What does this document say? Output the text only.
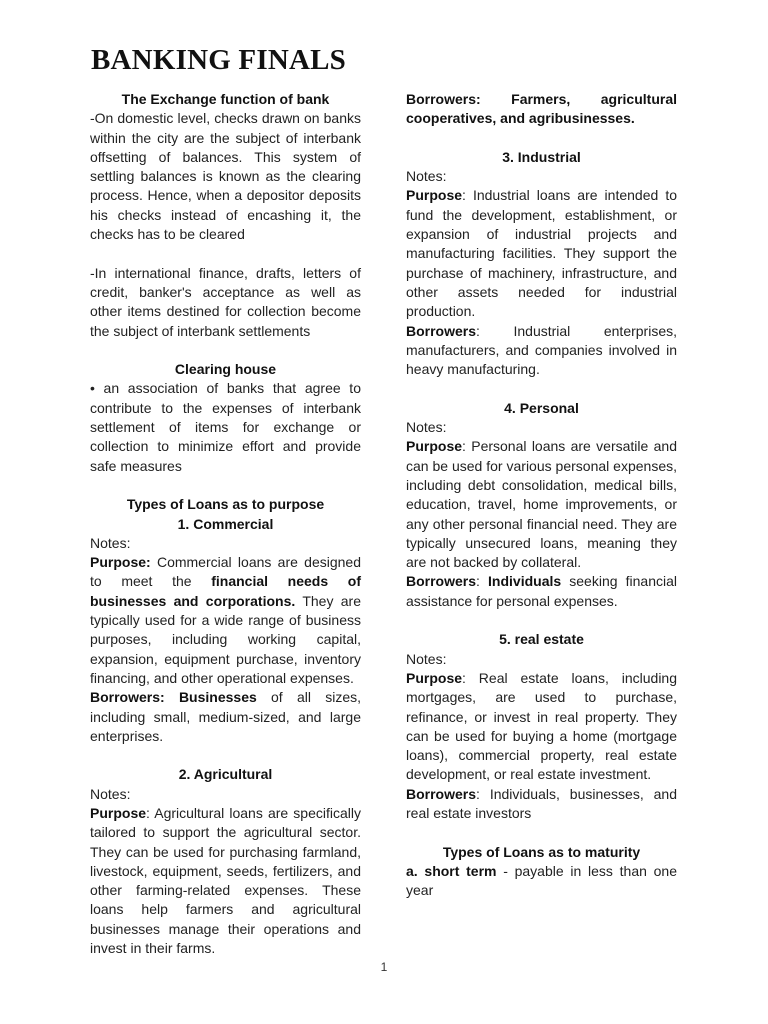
BANKING FINALS

The Exchange function of bank

-On domestic level, checks drawn on banks within the city are the subject of interbank offsetting of balances. This system of settling balances is known as the clearing process. Hence, when a depositor deposits his checks instead of encashing it, the checks has to be cleared

-In international finance, drafts, letters of credit, banker's acceptance as well as other items destined for collection become the subject of interbank settlements

Clearing house

• an association of banks that agree to contribute to the expenses of interbank settlement of items for exchange or collection to minimize effort and provide safe measures

Types of Loans as to purpose

1. Commercial

Notes:

Purpose: Commercial loans are designed to meet the financial needs of businesses and corporations. They are typically used for a wide range of business purposes, including working capital, expansion, equipment purchase, inventory financing, and other operational expenses.

Borrowers: Businesses of all sizes, including small, medium-sized, and large enterprises.

2. Agricultural

Notes:

Purpose: Agricultural loans are specifically tailored to support the agricultural sector. They can be used for purchasing farmland, livestock, equipment, seeds, fertilizers, and other farming-related expenses. These loans help farmers and agricultural businesses manage their operations and invest in their farms.

Borrowers: Farmers, agricultural cooperatives, and agribusinesses.

3. Industrial

Notes:

Purpose: Industrial loans are intended to fund the development, establishment, or expansion of industrial projects and manufacturing facilities. They support the purchase of machinery, infrastructure, and other assets needed for industrial production.

Borrowers: Industrial enterprises, manufacturers, and companies involved in heavy manufacturing.

4. Personal

Notes:

Purpose: Personal loans are versatile and can be used for various personal expenses, including debt consolidation, medical bills, education, travel, home improvements, or any other personal financial need. They are typically unsecured loans, meaning they are not backed by collateral.

Borrowers: Individuals seeking financial assistance for personal expenses.

5. real estate

Notes:

Purpose: Real estate loans, including mortgages, are used to purchase, refinance, or invest in real property. They can be used for buying a home (mortgage loans), commercial property, real estate development, or real estate investment.

Borrowers: Individuals, businesses, and real estate investors

Types of Loans as to maturity

a. short term - payable in less than one year

1
